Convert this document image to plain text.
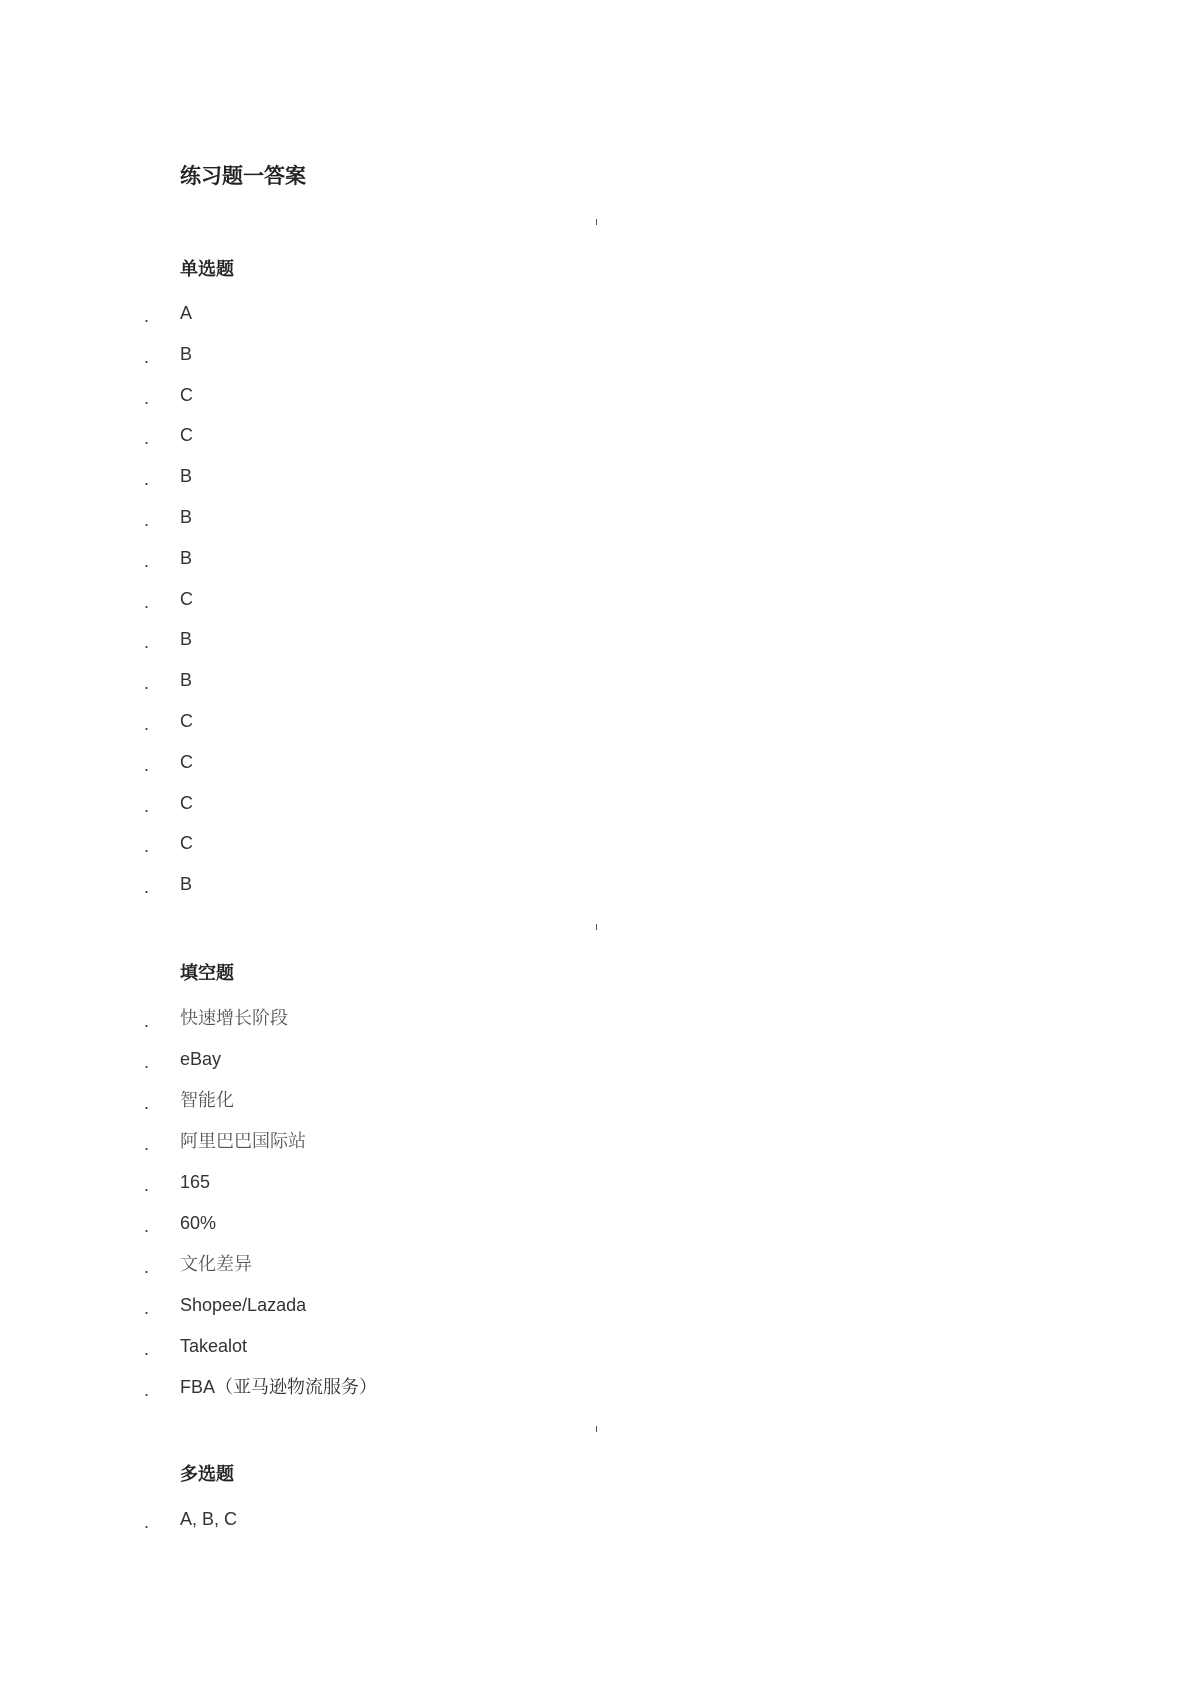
练习题一答案
单选题
. A
. B
. C
. C
. B
. B
. B
. C
. B
. B
. C
. C
. C
. C
. B
填空题
. 快速增长阶段
. eBay
. 智能化
. 阿里巴巴国际站
. 165
. 60%
. 文化差异
. Shopee/Lazada
. Takealot
. FBA（亚马逊物流服务）
多选题
. A, B, C
